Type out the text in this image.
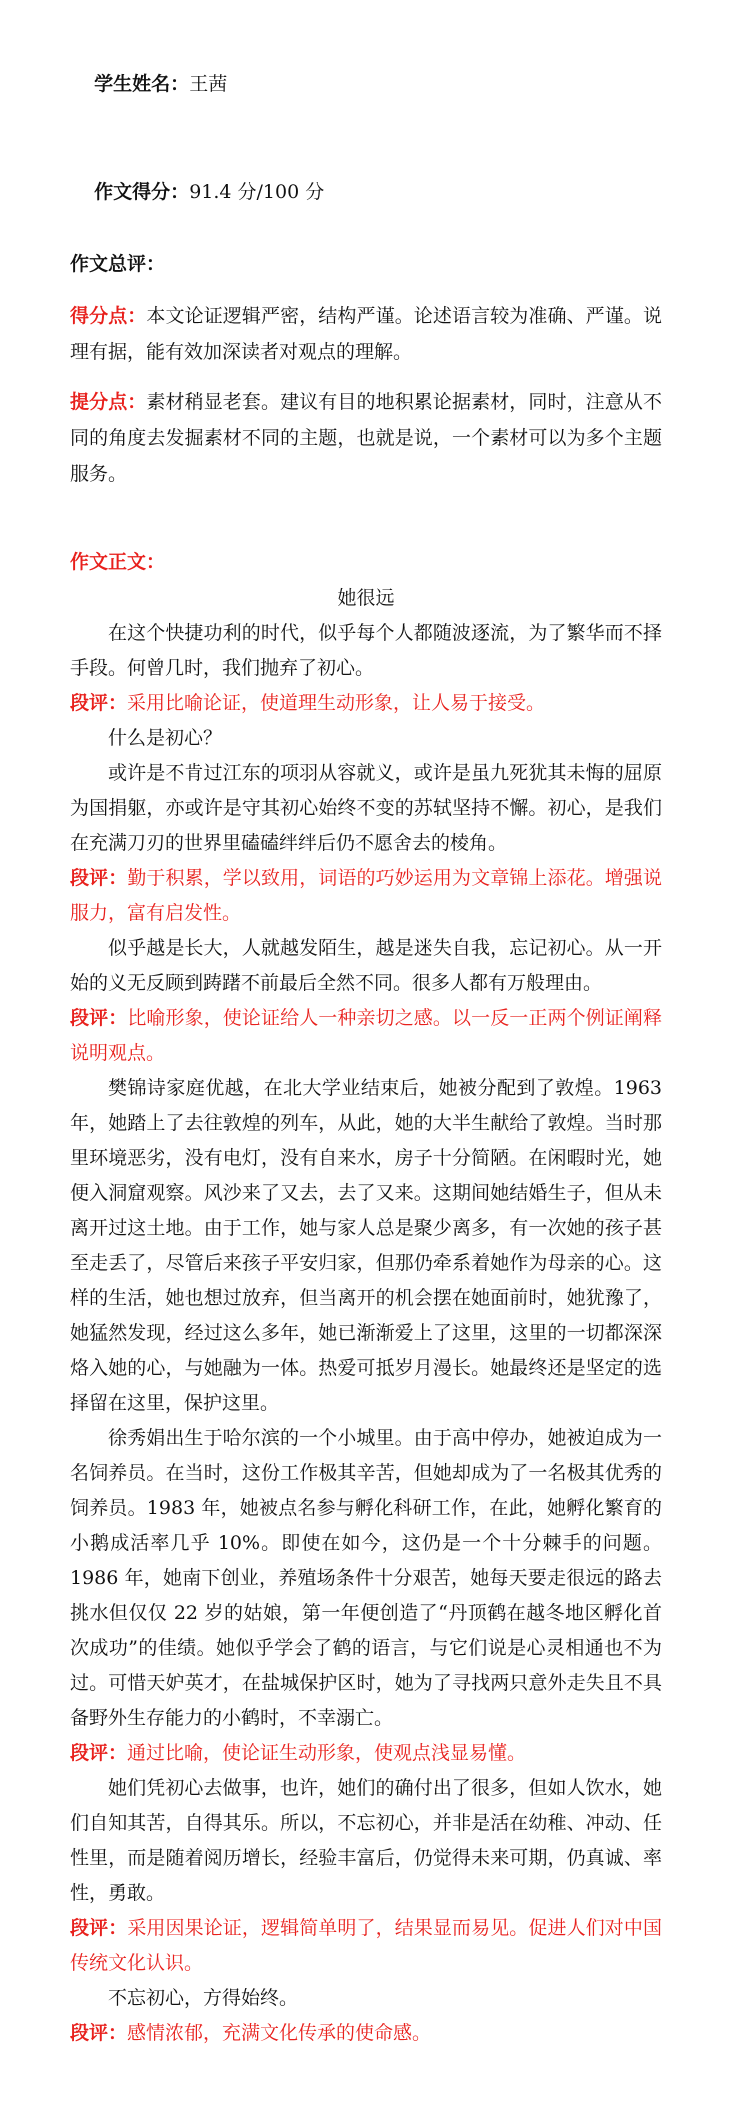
学生姓名：王茜

作文得分：91.4 分/100 分

作文总评：

得分点：本文论证逻辑严密，结构严谨。论述语言较为准确、严谨。说理有据，能有效加深读者对观点的理解。

提分点：素材稍显老套。建议有目的地积累论据素材，同时，注意从不同的角度去发掘素材不同的主题，也就是说，一个素材可以为多个主题服务。

作文正文：

她很远

在这个快捷功利的时代，似乎每个人都随波逐流，为了繁华而不择手段。何曾几时，我们抛弃了初心。

段评：采用比喻论证，使道理生动形象，让人易于接受。

什么是初心？

或许是不肯过江东的项羽从容就义，或许是虽九死犹其未悔的屈原为国捐躯，亦或许是守其初心始终不变的苏轼坚持不懈。初心，是我们在充满刀刃的世界里磕磕绊绊后仍不愿舍去的棱角。

段评：勤于积累，学以致用，词语的巧妙运用为文章锦上添花。增强说服力，富有启发性。

似乎越是长大，人就越发陌生，越是迷失自我，忘记初心。从一开始的义无反顾到踌躇不前最后全然不同。很多人都有万般理由。

段评：比喻形象，使论证给人一种亲切之感。以一反一正两个例证阐释说明观点。

樊锦诗家庭优越，在北大学业结束后，她被分配到了敦煌。1963年，她踏上了去往敦煌的列车，从此，她的大半生献给了敦煌。当时那里环境恶劣，没有电灯，没有自来水，房子十分简陋。在闲暇时光，她便入洞窟观察。风沙来了又去，去了又来。这期间她结婚生子，但从未离开过这土地。由于工作，她与家人总是聚少离多，有一次她的孩子甚至走丢了，尽管后来孩子平安归家，但那仍牵系着她作为母亲的心。这样的生活，她也想过放弃，但当离开的机会摆在她面前时，她犹豫了，她猛然发现，经过这么多年，她已渐渐爱上了这里，这里的一切都深深烙入她的心，与她融为一体。热爱可抵岁月漫长。她最终还是坚定的选择留在这里，保护这里。

徐秀娟出生于哈尔滨的一个小城里。由于高中停办，她被迫成为一名饲养员。在当时，这份工作极其辛苦，但她却成为了一名极其优秀的饲养员。1983 年，她被点名参与孵化科研工作，在此，她孵化繁育的小鹅成活率几乎 10%。即使在如今，这仍是一个十分棘手的问题。1986 年，她南下创业，养殖场条件十分艰苦，她每天要走很远的路去挑水但仅仅 22 岁的姑娘，第一年便创造了“丹顶鹤在越冬地区孵化首次成功”的佳绩。她似乎学会了鹤的语言，与它们说是心灵相通也不为过。可惜天妒英才，在盐城保护区时，她为了寻找两只意外走失且不具备野外生存能力的小鹤时，不幸溺亡。

段评：通过比喻，使论证生动形象，使观点浅显易懂。

她们凭初心去做事，也许，她们的确付出了很多，但如人饮水，她们自知其苦，自得其乐。所以，不忘初心，并非是活在幼稚、冲动、任性里，而是随着阅历增长，经验丰富后，仍觉得未来可期，仍真诚、率性，勇敢。

段评：采用因果论证，逻辑简单明了，结果显而易见。促进人们对中国传统文化认识。

不忘初心，方得始终。

段评：感情浓郁，充满文化传承的使命感。
